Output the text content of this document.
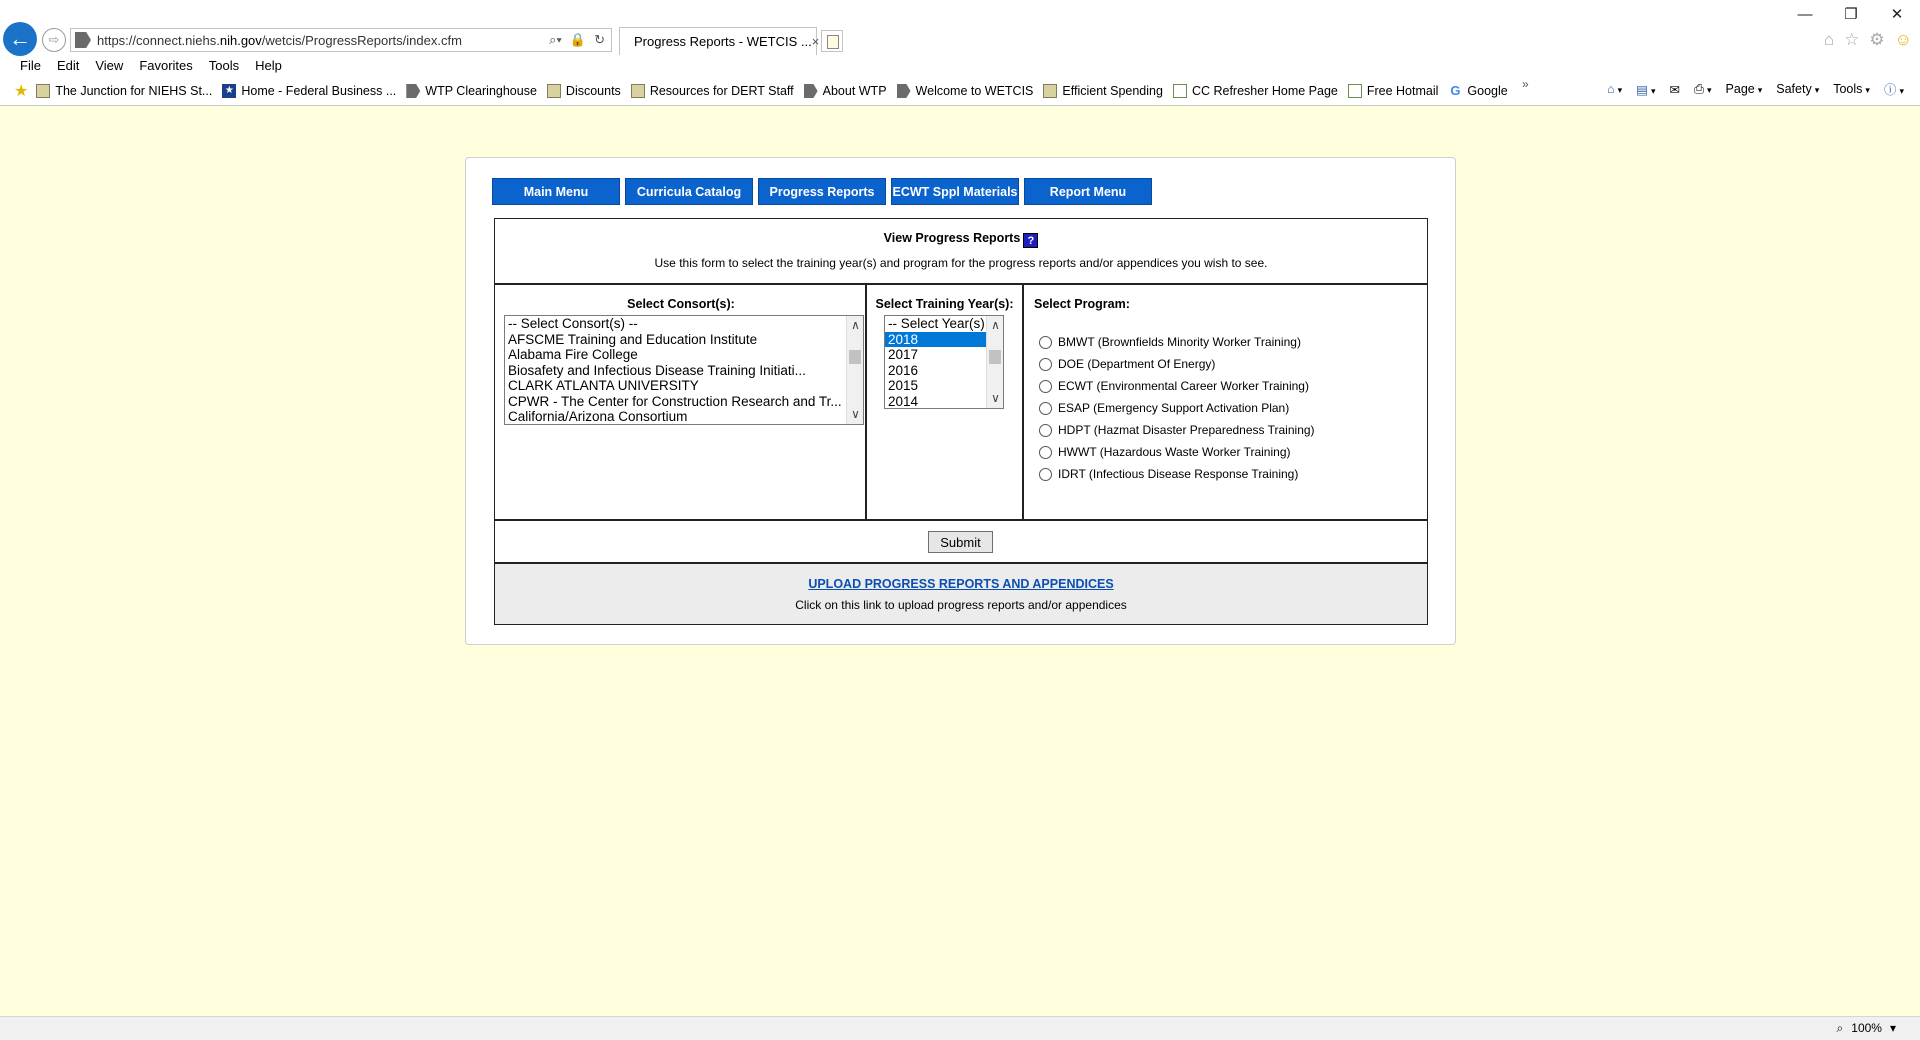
← ⇨	https://connect.niehs.nih.gov/wetcis/ProgressReports/index.cfm	⌕▾ 🔒 ↻ Progress Reports - WETCIS ... ×
—	❐	✕
⌂ ☆ ⚙ ☺
File	Edit	View	Favorites	Tools	Help
★ The Junction for NIEHS St... ★ Home - Federal Business ... WTP Clearinghouse Discounts Resources for DERT Staff About WTP Welcome to WETCIS Efficient Spending CC Refresher Home Page Free Hotmail G Google »	⌂ ▾ ▤ ▾ ✉ ⎙ ▾ Page ▾ Safety ▾ Tools ▾ ⓘ ▾
Main Menu	Curricula Catalog	Progress Reports	ECWT Sppl Materials	Report Menu
View Progress Reports ?
Use this form to select the training year(s) and program for the progress reports and/or appendices you wish to see.
Select Consort(s):
-- Select Consort(s) --
AFSCME Training and Education Institute
Alabama Fire College
Biosafety and Infectious Disease Training Initiati...
CLARK ATLANTA UNIVERSITY
CPWR - The Center for Construction Research and Tr...
California/Arizona Consortium
∧
∨
Select Training Year(s):
-- Select Year(s)
2018
2017
2016
2015
2014
∧
∨
Select Program:
BMWT (Brownfields Minority Worker Training)
DOE (Department Of Energy)
ECWT (Environmental Career Worker Training)
ESAP (Emergency Support Activation Plan)
HDPT (Hazmat Disaster Preparedness Training)
HWWT (Hazardous Waste Worker Training)
IDRT (Infectious Disease Response Training)
Submit
UPLOAD PROGRESS REPORTS AND APPENDICES
Click on this link to upload progress reports and/or appendices
⌕ 100% ▾
